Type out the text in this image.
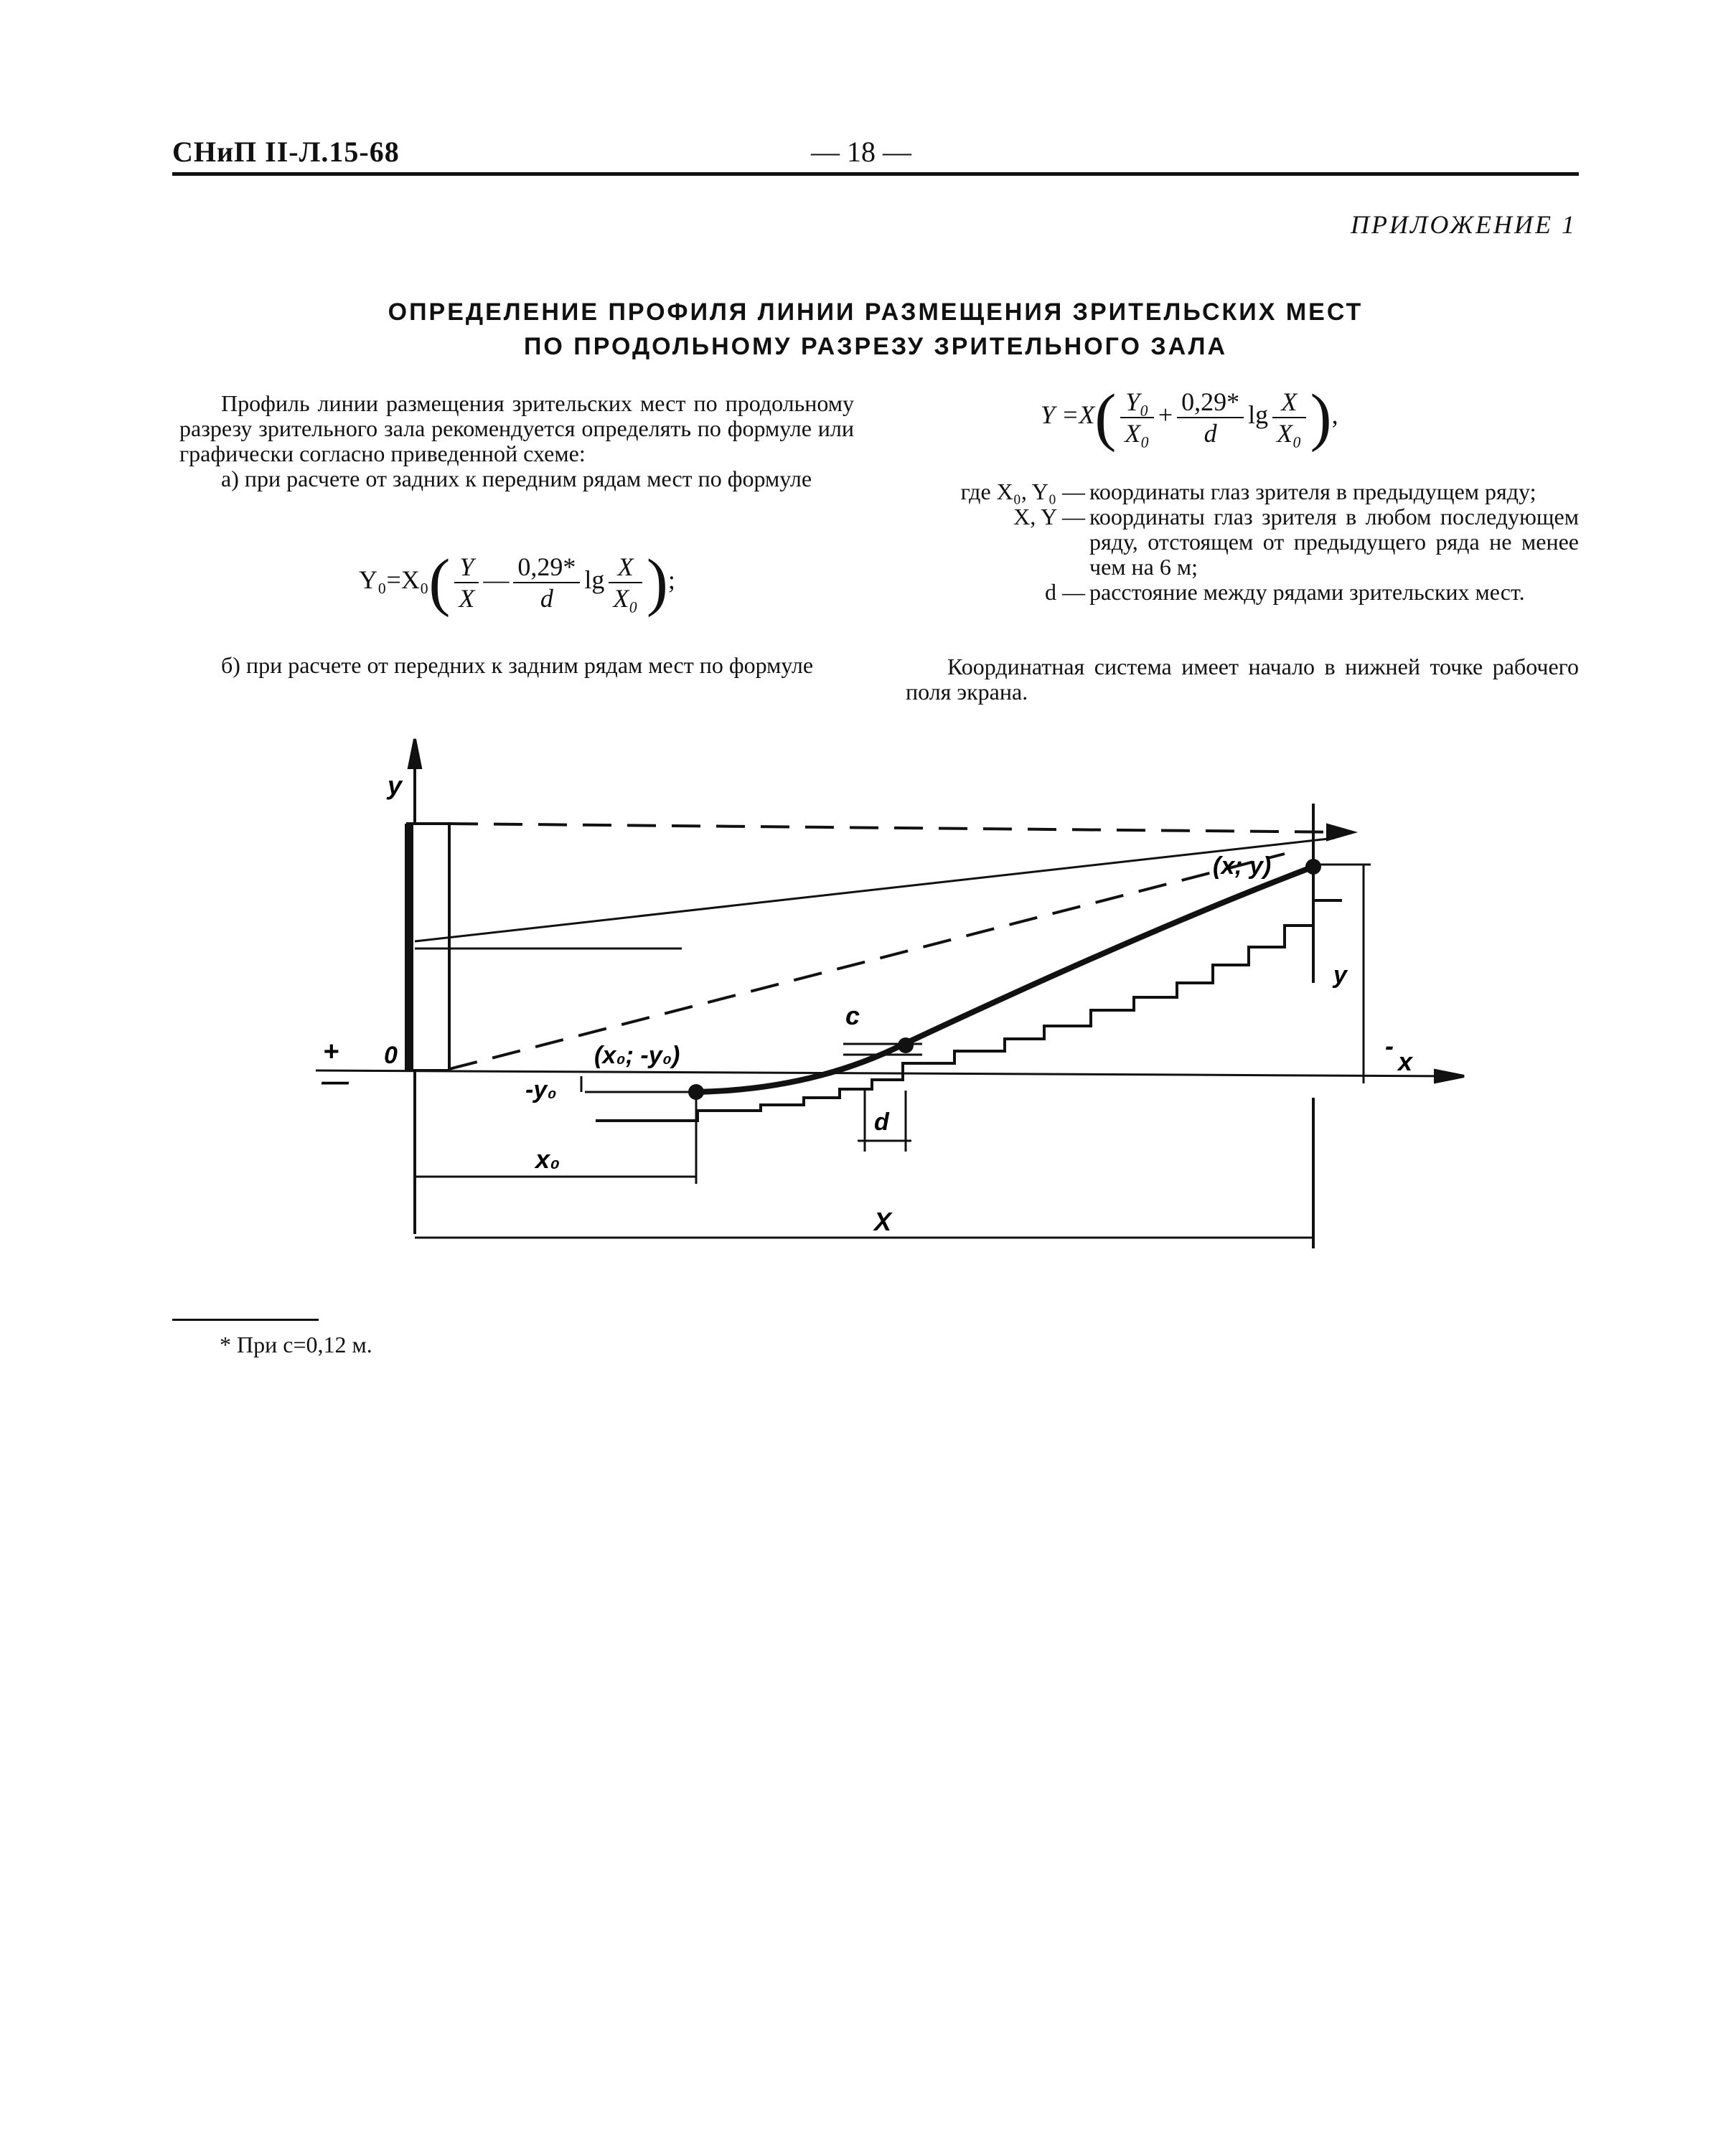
СНиП II-Л.15-68	— 18 —
ПРИЛОЖЕНИЕ 1
ОПРЕДЕЛЕНИЕ ПРОФИЛЯ ЛИНИИ РАЗМЕЩЕНИЯ ЗРИТЕЛЬСКИХ МЕСТ
ПО ПРОДОЛЬНОМУ РАЗРЕЗУ ЗРИТЕЛЬНОГО ЗАЛА

Профиль линии размещения зрительских мест по продольному разрезу зрительного зала рекомендуется определять по формуле или графически согласно приведенной схеме:

а) при расчете от задних к передним рядам мест по формуле

$Y_0=X_0( \frac{Y}{X}$ — $\frac{0,29*}{d}$ $\lg \frac{X}{\text{X₀}}$ );

б) при расчете от передних к задним рядам мест по формуле

$Y =X( \frac{\text{Y₀}}{\text{X₀}} + \frac{0,29*}{d}$ $\lg \frac{X}{\text{X₀}}$ ),
где X₀, Y₀ — координаты глаз зрителя в предыдущем ряду;
X, Y — координаты глаз зрителя в любом последующем ряду, отстоящем от предыдущего ряда не менее чем на 6 м;
d — расстояние между рядами зрительских мест.

Координатная система имеет начало в нижней точке рабочего поля экрана.

y
0
+
—
-
x
(x₀; -y₀)
(x; y)
-y₀
c
d
x₀
X
y
* При c=0,12 м.
